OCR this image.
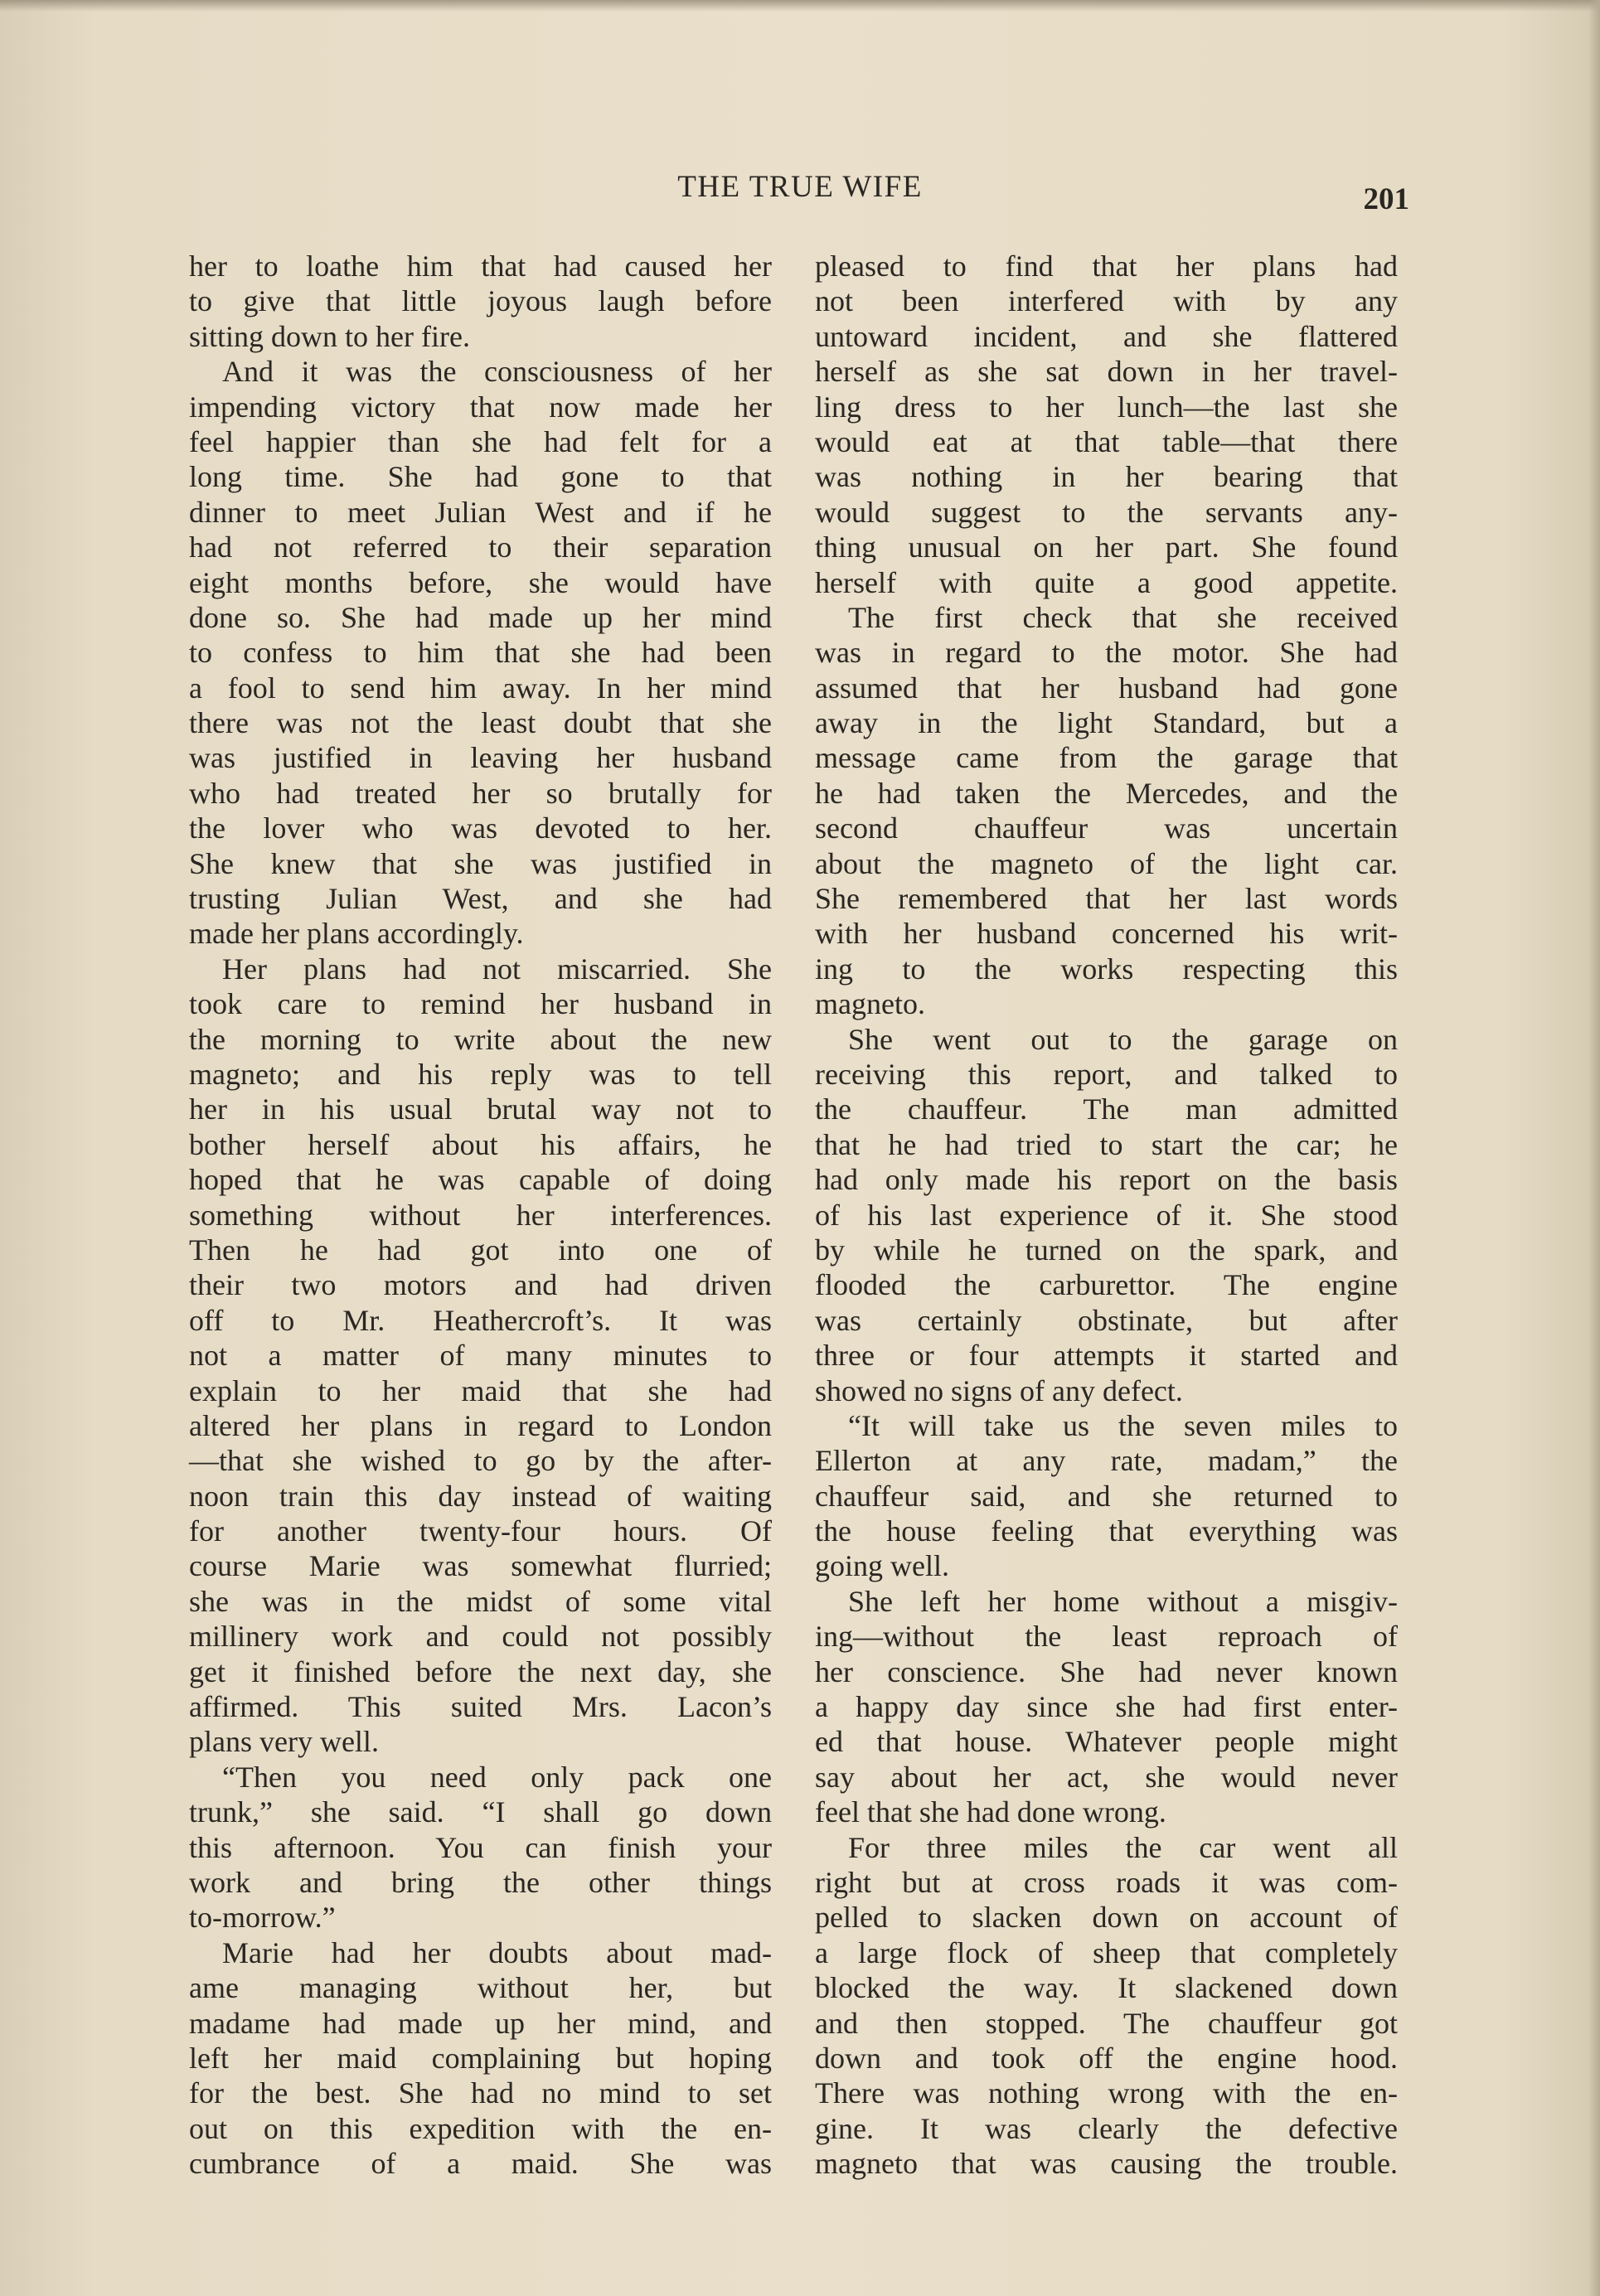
THE TRUE WIFE	201
her to loathe him that had caused her
to give that little joyous laugh before
sitting down to her fire.
And it was the consciousness of her
impending victory that now made her
feel happier than she had felt for a
long time. She had gone to that
dinner to meet Julian West and if he
had not referred to their separation
eight months before, she would have
done so. She had made up her mind
to confess to him that she had been
a fool to send him away. In her mind
there was not the least doubt that she
was justified in leaving her husband
who had treated her so brutally for
the lover who was devoted to her.
She knew that she was justified in
trusting Julian West, and she had
made her plans accordingly.
Her plans had not miscarried. She
took care to remind her husband in
the morning to write about the new
magneto; and his reply was to tell
her in his usual brutal way not to
bother herself about his affairs, he
hoped that he was capable of doing
something without her interferences.
Then he had got into one of
their two motors and had driven
off to Mr. Heathercroft’s. It was
not a matter of many minutes to
explain to her maid that she had
altered her plans in regard to London
—that she wished to go by the after-
noon train this day instead of waiting
for another twenty-four hours. Of
course Marie was somewhat flurried;
she was in the midst of some vital
millinery work and could not possibly
get it finished before the next day, she
affirmed. This suited Mrs. Lacon’s
plans very well.
“Then you need only pack one
trunk,” she said. “I shall go down
this afternoon. You can finish your
work and bring the other things
to-morrow.”
Marie had her doubts about mad-
ame managing without her, but
madame had made up her mind, and
left her maid complaining but hoping
for the best. She had no mind to set
out on this expedition with the en-
cumbrance of a maid. She was
pleased to find that her plans had
not been interfered with by any
untoward incident, and she flattered
herself as she sat down in her travel-
ling dress to her lunch—the last she
would eat at that table—that there
was nothing in her bearing that
would suggest to the servants any-
thing unusual on her part. She found
herself with quite a good appetite.
The first check that she received
was in regard to the motor. She had
assumed that her husband had gone
away in the light Standard, but a
message came from the garage that
he had taken the Mercedes, and the
second chauffeur was uncertain
about the magneto of the light car.
She remembered that her last words
with her husband concerned his writ-
ing to the works respecting this
magneto.
She went out to the garage on
receiving this report, and talked to
the chauffeur. The man admitted
that he had tried to start the car; he
had only made his report on the basis
of his last experience of it. She stood
by while he turned on the spark, and
flooded the carburettor. The engine
was certainly obstinate, but after
three or four attempts it started and
showed no signs of any defect.
“It will take us the seven miles to
Ellerton at any rate, madam,” the
chauffeur said, and she returned to
the house feeling that everything was
going well.
She left her home without a misgiv-
ing—without the least reproach of
her conscience. She had never known
a happy day since she had first enter-
ed that house. Whatever people might
say about her act, she would never
feel that she had done wrong.
For three miles the car went all
right but at cross roads it was com-
pelled to slacken down on account of
a large flock of sheep that completely
blocked the way. It slackened down
and then stopped. The chauffeur got
down and took off the engine hood.
There was nothing wrong with the en-
gine. It was clearly the defective
magneto that was causing the trouble.
